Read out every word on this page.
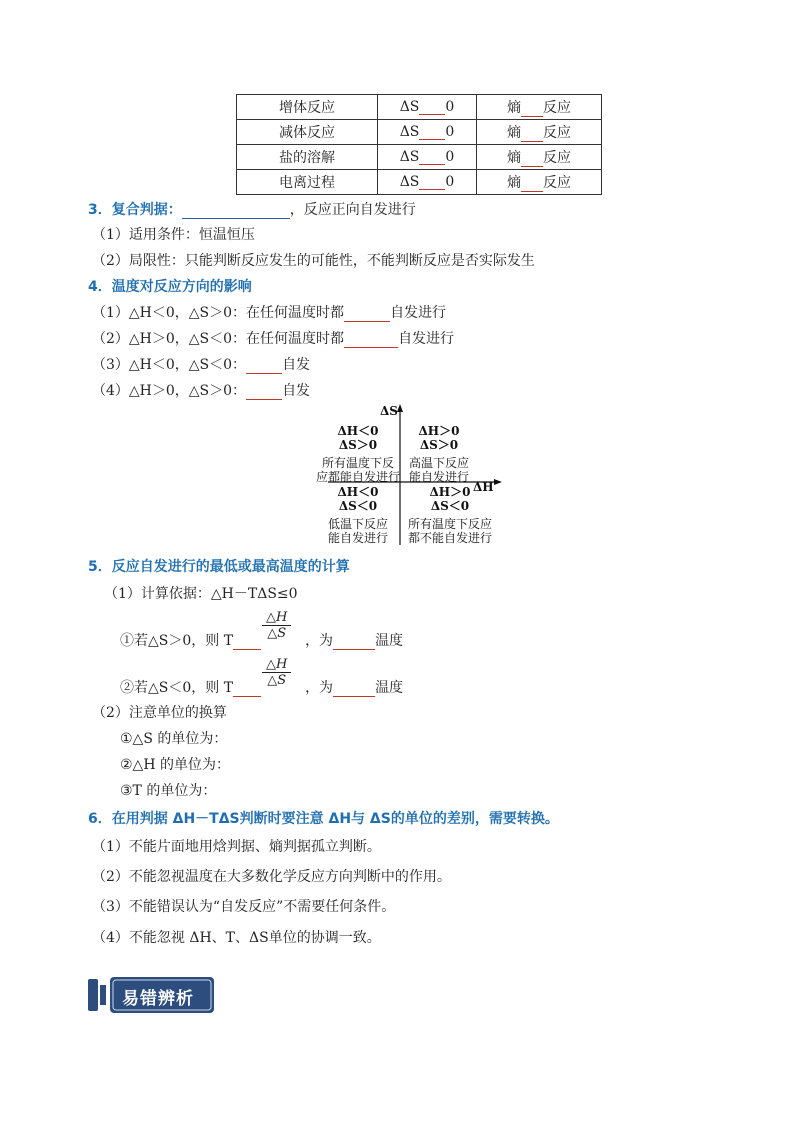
增体反应	ΔS 0	熵 反应
减体反应	ΔS 0	熵 反应
盐的溶解	ΔS 0	熵 反应
电离过程	ΔS 0	熵 反应
3．复合判据：	，反应正向自发进行
（1）适用条件：恒温恒压
（2）局限性：只能判断反应发生的可能性，不能判断反应是否实际发生
4．温度对反应方向的影响
（1）△H＜0，△S＞0：在任何温度时都	自发进行
（2）△H＞0，△S＜0：在任何温度时都	自发进行
（3）△H＜0，△S＜0：	自发
（4）△H＞0，△S＞0：	自发
ΔS
ΔH
ΔH＜0
ΔS＞0
所有温度下反
应都能自发进行
ΔH＞0
ΔS＞0
高温下反应
能自发进行
ΔH＜0
ΔS＜0
低温下反应
能自发进行
ΔH＞0
ΔS＜0
所有温度下反应
都不能自发进行
5．反应自发进行的最低或最高温度的计算
（1）计算依据：△H－TΔS≤0
①若△S＞0，则 T	，为	温度
$\frac{\triangle H}{\triangle S}$
②若△S＜0，则 T	，为	温度
$\frac{\triangle H}{\triangle S}$
（2）注意单位的换算
①△S 的单位为：
②△H 的单位为：
③T 的单位为：
6．在用判据 ΔH－TΔS判断时要注意 ΔH与 ΔS的单位的差别，需要转换。
（1）不能片面地用焓判据、熵判据孤立判断。
（2）不能忽视温度在大多数化学反应方向判断中的作用。
（3）不能错误认为“自发反应”不需要任何条件。
（4）不能忽视 ΔH、T、ΔS单位的协调一致。
易错辨析
